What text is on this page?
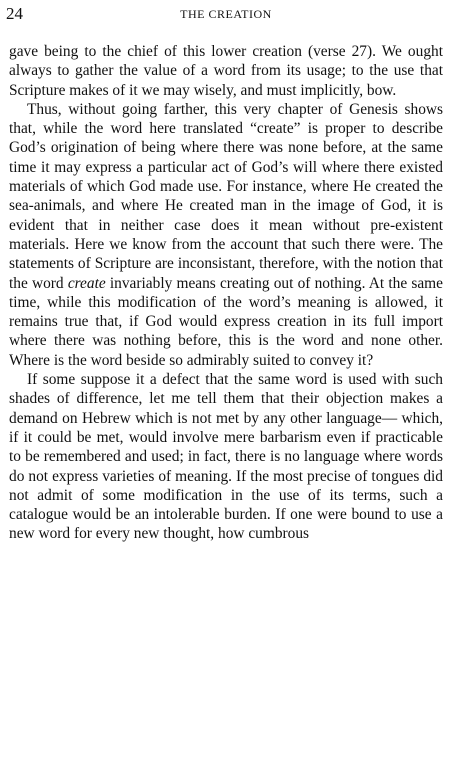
24	THE CREATION

gave being to the chief of this lower creation (verse 27). We ought always to gather the value of a word from its usage; to the use that Scripture makes of it we may wisely, and must implicitly, bow.

Thus, without going farther, this very chapter of Genesis shows that, while the word here translated “create” is proper to describe God’s origination of being where there was none before, at the same time it may express a particular act of God’s will where there existed materials of which God made use. For instance, where He created the sea-animals, and where He created man in the image of God, it is evident that in neither case does it mean without pre-existent materials. Here we know from the account that such there were. The statements of Scripture are inconsistant, therefore, with the notion that the word create invariably means creating out of nothing. At the same time, while this modification of the word’s meaning is allowed, it remains true that, if God would express creation in its full import where there was nothing before, this is the word and none other. Where is the word beside so admirably suited to convey it?

If some suppose it a defect that the same word is used with such shades of difference, let me tell them that their objection makes a demand on Hebrew which is not met by any other language— which, if it could be met, would involve mere barbarism even if practicable to be remembered and used; in fact, there is no language where words do not express varieties of meaning. If the most precise of tongues did not admit of some modification in the use of its terms, such a catalogue would be an intolerable burden. If one were bound to use a new word for every new thought, how cumbrous
